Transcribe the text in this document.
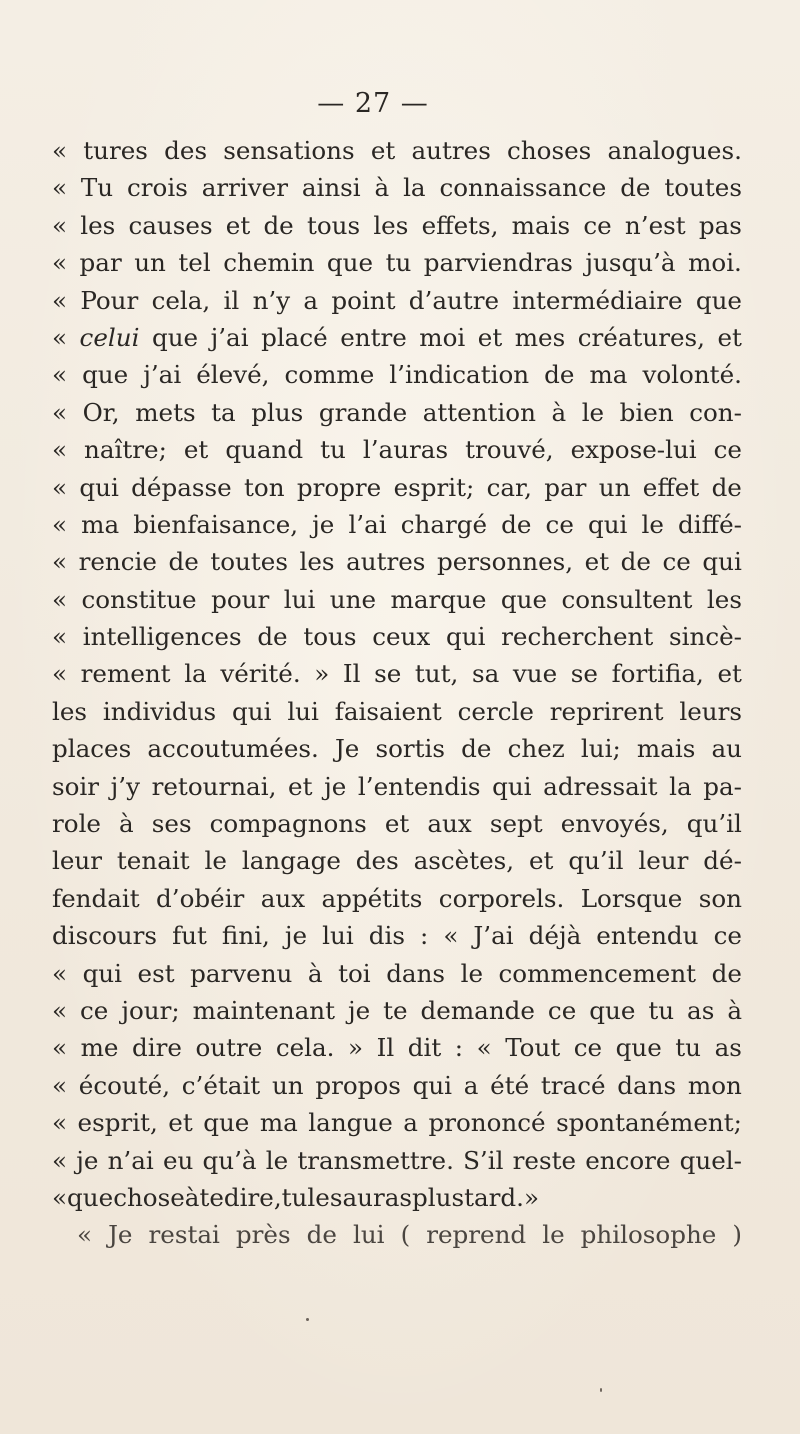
— 27 —
« tures des sensations et autres choses analogues.
« Tu crois arriver ainsi à la connaissance de toutes
« les causes et de tous les effets, mais ce n’est pas
« par un tel chemin que tu parviendras jusqu’à moi.
« Pour cela, il n’y a point d’autre intermédiaire que
« celui que j’ai placé entre moi et mes créatures, et
« que j’ai élevé, comme l’indication de ma volonté.
« Or, mets ta plus grande attention à le bien con-
« naître; et quand tu l’auras trouvé, expose-lui ce
« qui dépasse ton propre esprit; car, par un effet de
« ma bienfaisance, je l’ai chargé de ce qui le diffé-
« rencie de toutes les autres personnes, et de ce qui
« constitue pour lui une marque que consultent les
« intelligences de tous ceux qui recherchent sincè-
« rement la vérité. » Il se tut, sa vue se fortifia, et
les individus qui lui faisaient cercle reprirent leurs
places accoutumées. Je sortis de chez lui; mais au
soir j’y retournai, et je l’entendis qui adressait la pa-
role à ses compagnons et aux sept envoyés, qu’il
leur tenait le langage des ascètes, et qu’il leur dé-
fendait d’obéir aux appétits corporels. Lorsque son
discours fut fini, je lui dis : « J’ai déjà entendu ce
« qui est parvenu à toi dans le commencement de
« ce jour; maintenant je te demande ce que tu as à
« me dire outre cela. » Il dit : « Tout ce que tu as
« écouté, c’était un propos qui a été tracé dans mon
« esprit, et que ma langue a prononcé spontanément;
« je n’ai eu qu’à le transmettre. S’il reste encore quel-
« que chose à te dire, tu le sauras plus tard. »
« Je restai près de lui ( reprend le philosophe )
